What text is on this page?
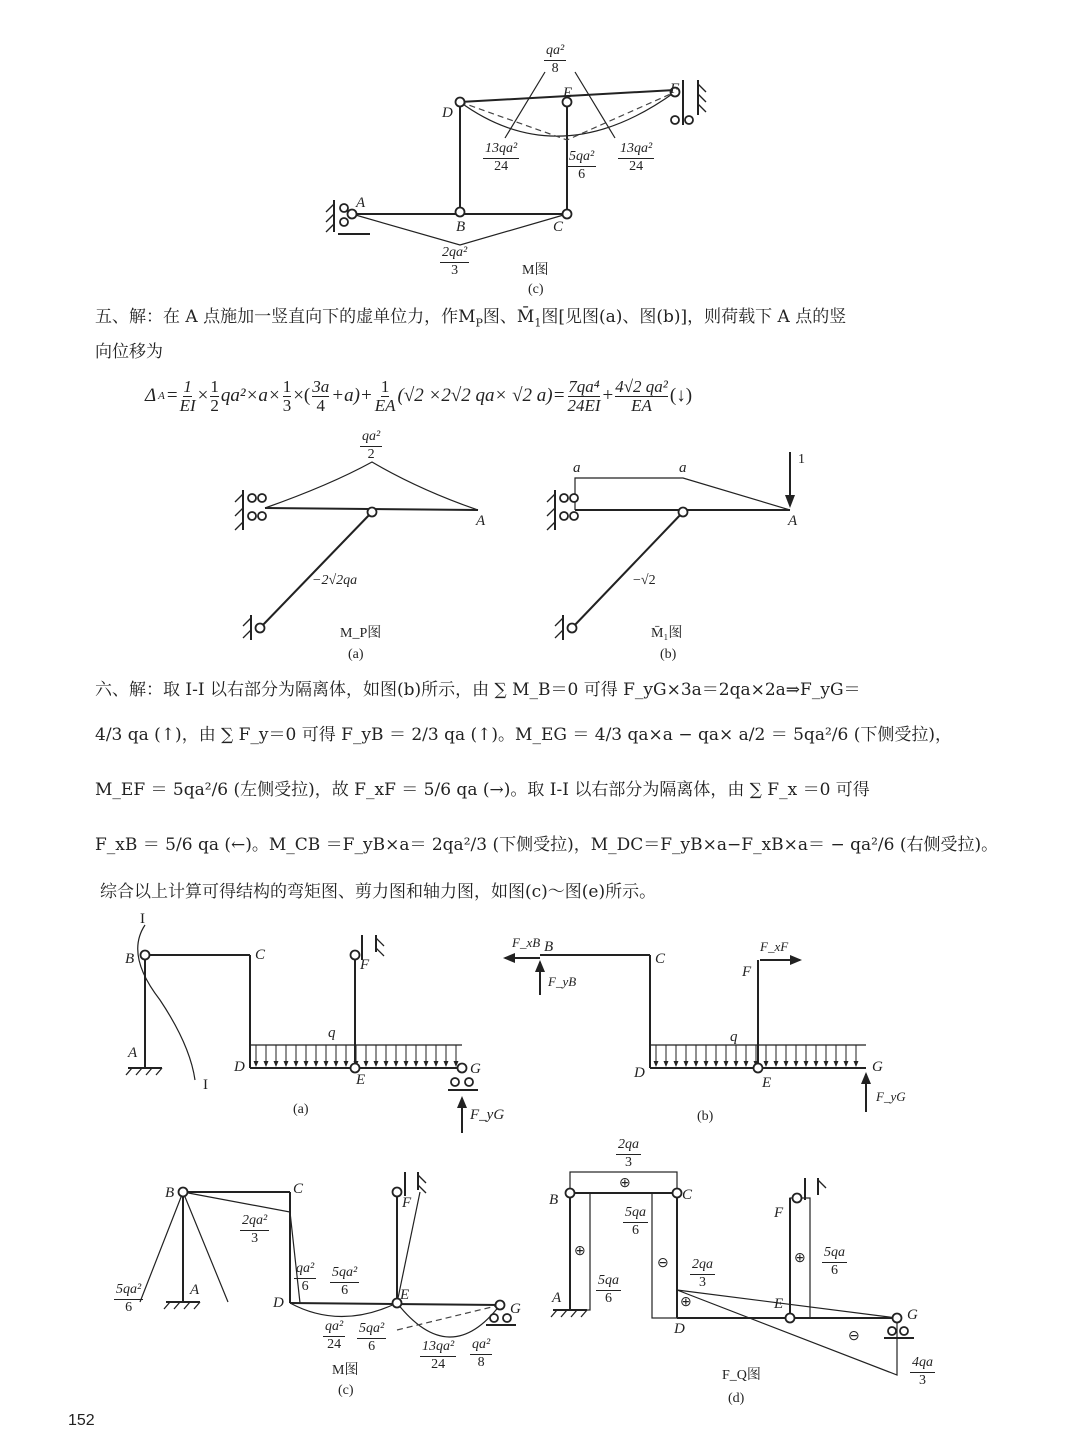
$\frac{\text{qa²}}{8}$
D
E	F
A
B	C
$\frac{\text{13qa²}}{24}$	$\frac{\text{5qa²}}{6} \frac{\text{13qa²}}{24}$
$\frac{\text{2qa²}}{3}$	M图
(c)
五、解：在 A 点施加一竖直向下的虚单位力，作$M_P$图、$M̄_1$图[见图(a)、图(b)]，则荷载下 A 点的竖
向位移为
Δ $A = \frac{1}{EI} \times \frac{1}{2} qa^2\times a\times \frac{1}{3}$ ×( 3a
$4 +a)+ \frac{1}{EA} (√2 \times 2√2$ qa× √2 $a)= \frac{\text{7qa⁴}}{24EI} + \frac{\text{4√2 qa²}}{EA}$ (↓)
$\frac{\text{qa²}}{2}$
A
−2√2qa
M_P图
(a)
a	a
1
A
−√2
M̄₁图
(b)
六、解：取 Ⅰ-Ⅰ 以右部分为隔离体，如图(b)所示，由 ∑ M_B＝0 可得 F_yG×3a＝2qa×2a⇒F_yG＝
4/3 qa (↑)，由 ∑ F_y＝0 可得 F_yB ＝ 2/3 qa (↑)。M_EG ＝ 4/3 qa×a − qa× a/2 ＝ 5qa²/6 (下侧受拉)，
M_EF ＝ 5qa²/6 (左侧受拉)，故 F_xF ＝ 5/6 qa (→)。取 Ⅰ-Ⅰ 以右部分为隔离体，由 ∑ F_x ＝0 可得
F_xB ＝ 5/6 qa (←)。M_CB ＝F_yB×a＝ 2qa²/3 (下侧受拉)，M_DC＝F_yB×a−F_xB×a＝ − qa²/6 (右侧受拉)。
综合以上计算可得结构的弯矩图、剪力图和轴力图，如图(c)～图(e)所示。
I
I
B	C
A
D
E
F
G
q
F_yG
(a)
F_xB B
F_yB
C
F_xF
F
q
D
E
G
F_yG
(b)
B	C
F
A
D	E
G
$\frac{\text{2qa²}}{3}$
$\frac{\text{5qa²}}{6}$
$\frac{\text{qa²}}{6} \frac{\text{5qa²}}{6}$
$\frac{\text{qa²}}{24} \frac{\text{5qa²}}{6}$
$\frac{\text{13qa²}}{24} \frac{\text{qa²}}{8}$
M图
(c)
$\frac{2qa}{3}$
⊕
B	C
A
D
E
F
G
⊕
⊖
⊕
⊕
⊖
$\frac{5qa}{6}$
$\frac{5qa}{6}$	$\frac{2qa}{3}$	$\frac{5qa}{6}$
$\frac{4qa}{3}$
F_Q图
(d)
152
